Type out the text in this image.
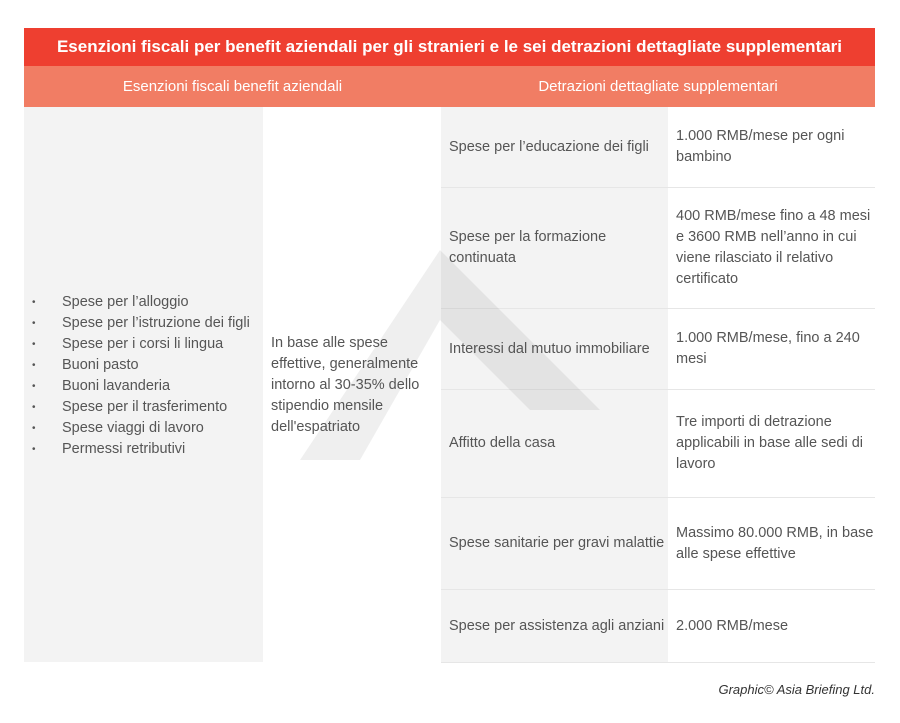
Esenzioni fiscali per benefit aziendali per gli stranieri e le sei detrazioni dettagliate supplementari
Esenzioni fiscali benefit aziendali	Detrazioni dettagliate supplementari
• Spese per l’alloggio
• Spese per l’istruzione dei figli
• Spese per i corsi li lingua
• Buoni pasto
• Buoni lavanderia
• Spese per il trasferimento
• Spese viaggi di lavoro
• Permessi retributivi
In base alle spese effettive, generalmente intorno al 30-35% dello stipendio mensile dell'espatriato
Spese per l’educazione dei figli
1.000 RMB/mese per ogni bambino
Spese per la formazione continuata
400 RMB/mese fino a 48 mesi e 3600 RMB nell’anno in cui viene rilasciato il relativo certificato
Interessi dal mutuo immobiliare
1.000 RMB/mese, fino a 240 mesi
Affitto della casa
Tre importi di detrazione applicabili in base alle sedi di lavoro
Spese sanitarie per gravi malattie
Massimo 80.000 RMB, in base alle spese effettive
Spese per assistenza agli anziani 2.000 RMB/mese
Graphic© Asia Briefing Ltd.
